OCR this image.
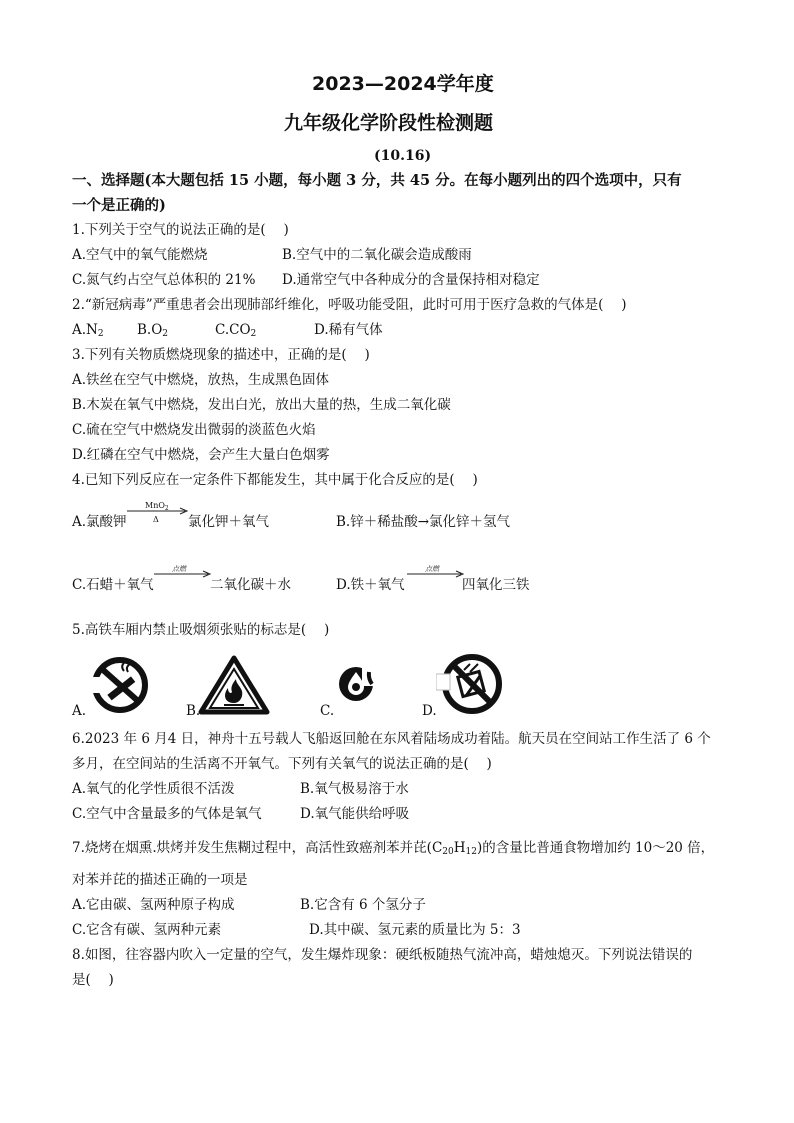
2023—2024学年度
九年级化学阶段性检测题
(10.16)
一、选择题(本大题包括 15 小题，每小题 3 分，共 45 分。在每小题列出的四个选项中，只有
一个是正确的)
1.下列关于空气的说法正确的是(　 )
A.空气中的氧气能燃烧	B.空气中的二氧化碳会造成酸雨
C.氮气约占空气总体积的 21% D.通常空气中各种成分的含量保持相对稳定
2.“新冠病毒”严重患者会出现肺部纤维化，呼吸功能受阻，此时可用于医疗急救的气体是(　 )
$A.N_2$ $B.O_2$	$C.CO_2$	D.稀有气体
3.下列有关物质燃烧现象的描述中，正确的是(　 )
A.铁丝在空气中燃烧，放热，生成黑色固体
B.木炭在氧气中燃烧，发出白光，放出大量的热，生成二氧化碳
C.硫在空气中燃烧发出微弱的淡蓝色火焰
D.红磷在空气中燃烧，会产生大量白色烟雾
4.已知下列反应在一定条件下都能发生，其中属于化合反应的是(　 )
A.氯酸钾
MnO$_2$
Δ 氯化钾＋氧气	B.锌＋稀盐酸→氯化锌＋氢气
C.石蜡＋氧气
点燃
二氧化碳＋水	D.铁＋氧气
点燃
四氧化三铁
5.高铁车厢内禁止吸烟须张贴的标志是(　 )
A.	B.	C.	D.
6.2023 年 6 月4 日，神舟十五号载人飞船返回舱在东风着陆场成功着陆。航天员在空间站工作生活了 6 个
多月，在空间站的生活离不开氧气。下列有关氧气的说法正确的是(　 )
A.氧气的化学性质很不活泼	B.氧气极易溶于水
C.空气中含量最多的气体是氧气	D.氧气能供给呼吸
7.烧烤在烟熏.烘烤并发生焦糊过程中，高活性致癌剂苯并芘$(C_{20}H_{12})$的含量比普通食物增加约 10～20 倍，
对苯并芘的描述正确的一项是
A.它由碳、氢两种原子构成	B.它含有 6 个氢分子
C.它含有碳、氢两种元素	D.其中碳、氢元素的质量比为 5：3
8.如图，往容器内吹入一定量的空气，发生爆炸现象：硬纸板随热气流冲高，蜡烛熄灭。下列说法错误的
是(　 )
